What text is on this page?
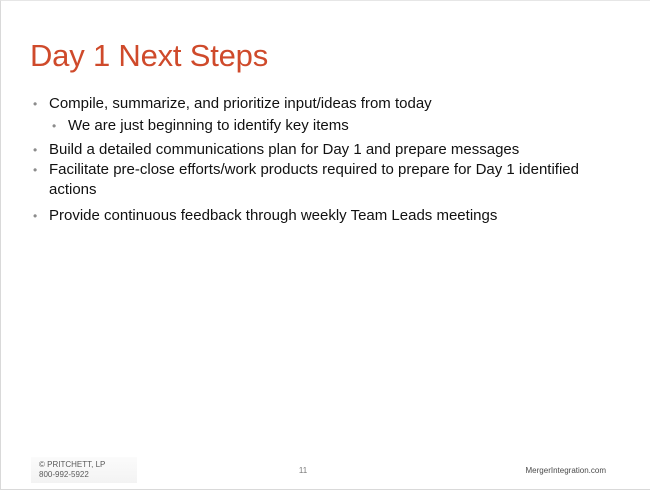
Day 1 Next Steps
• Compile, summarize, and prioritize input/ideas from today
• We are just beginning to identify key items
• Build a detailed communications plan for Day 1 and prepare messages
• Facilitate pre-close efforts/work products required to prepare for Day 1 identified actions
• Provide continuous feedback through weekly Team Leads meetings
© PRITCHETT, LP
800-992-5922	11	MergerIntegration.com
